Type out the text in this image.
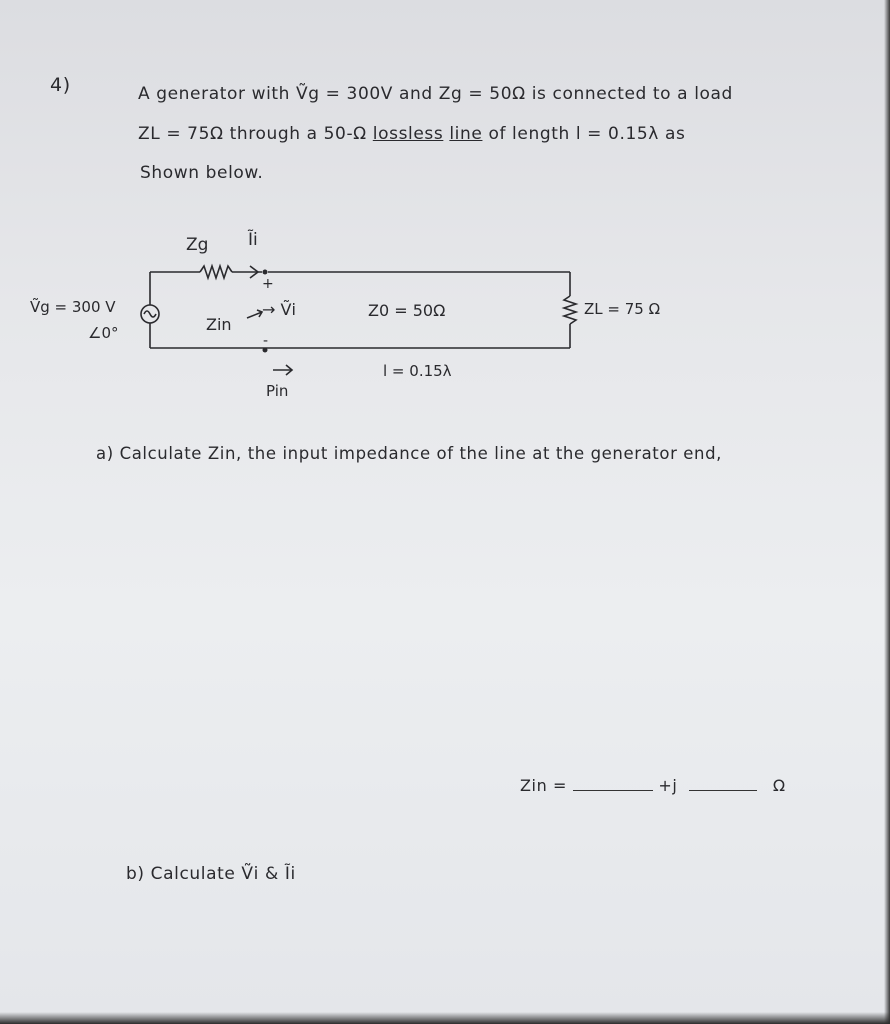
4)	A generator with Ṽg = 300V and Zg = 50Ω is connected to a load
ZL = 75Ω through a 50-Ω lossless line of length l = 0.15λ as
Shown below.
Zg Ĩi
+
-
Ṽg = 300 V
∠0°	Zin
→ Ṽi	Z0 = 50Ω	ZL = 75 Ω
l = 0.15λ
Pin
a) Calculate Zin, the input impedance of the line at the generator end,
Zin =	+j	Ω
b) Calculate Ṽi & Ĩi
